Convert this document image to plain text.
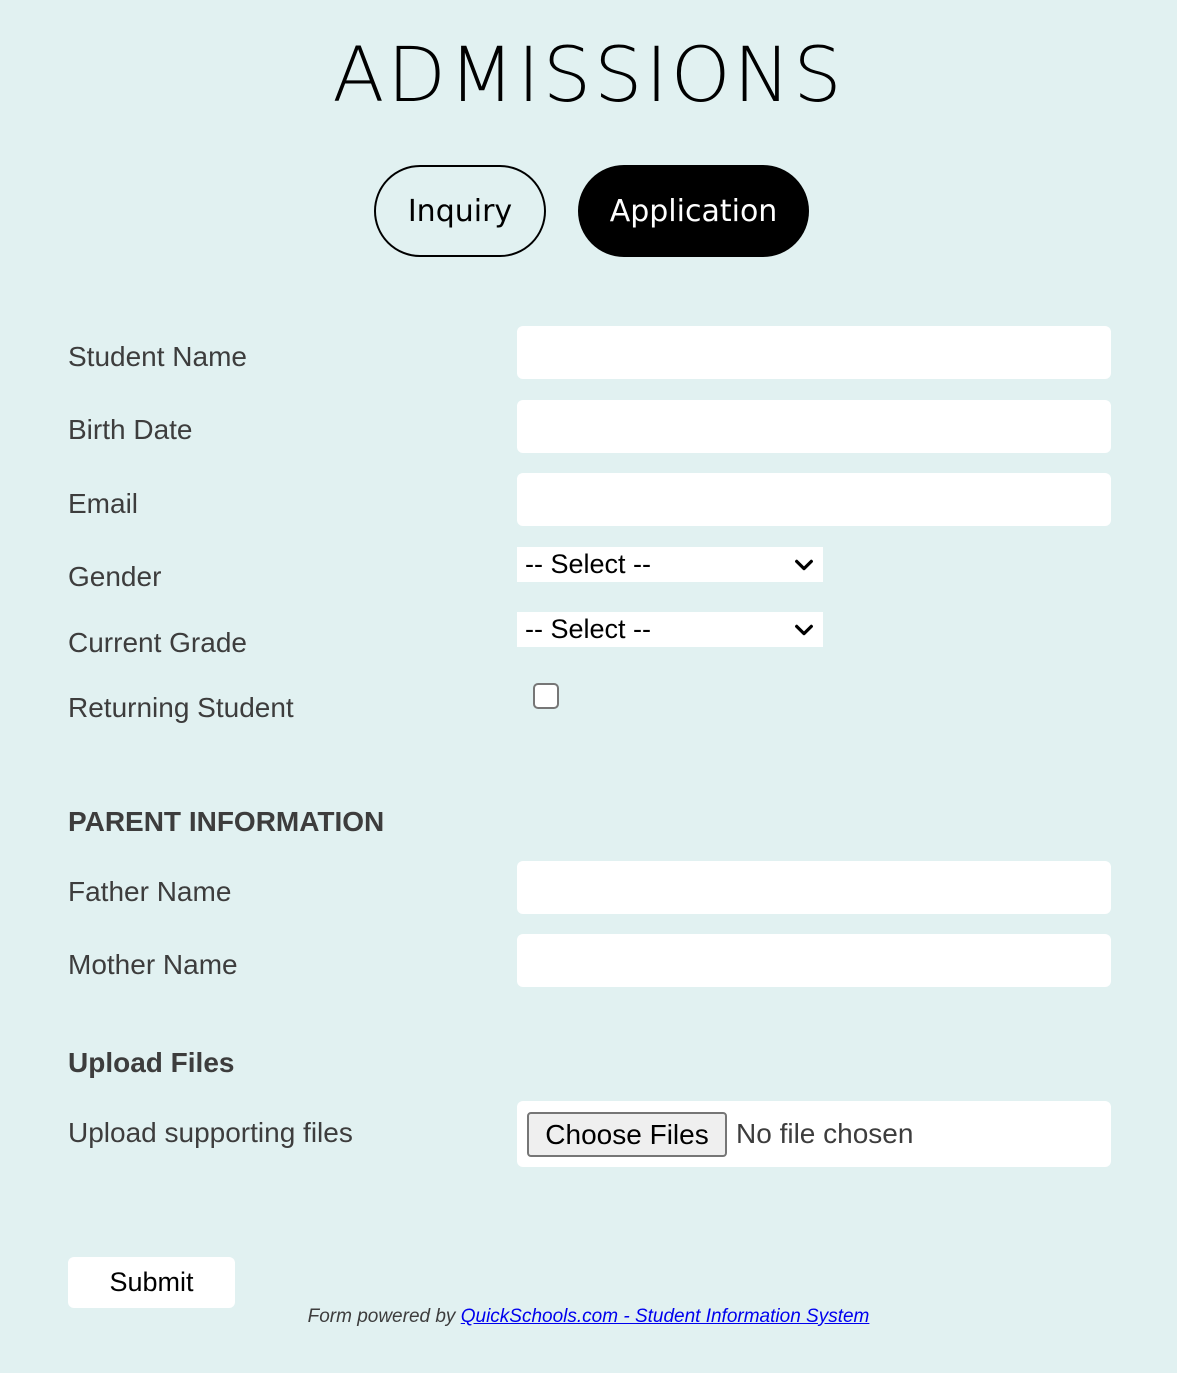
ADMISSIONS
Inquiry	Application
Student Name
Birth Date
Email
Gender	-- Select --
Current Grade	-- Select --
Returning Student
PARENT INFORMATION
Father Name
Mother Name
Upload Files
Upload supporting files	Choose Files No file chosen
Submit
Form powered by QuickSchools.com - Student Information System
